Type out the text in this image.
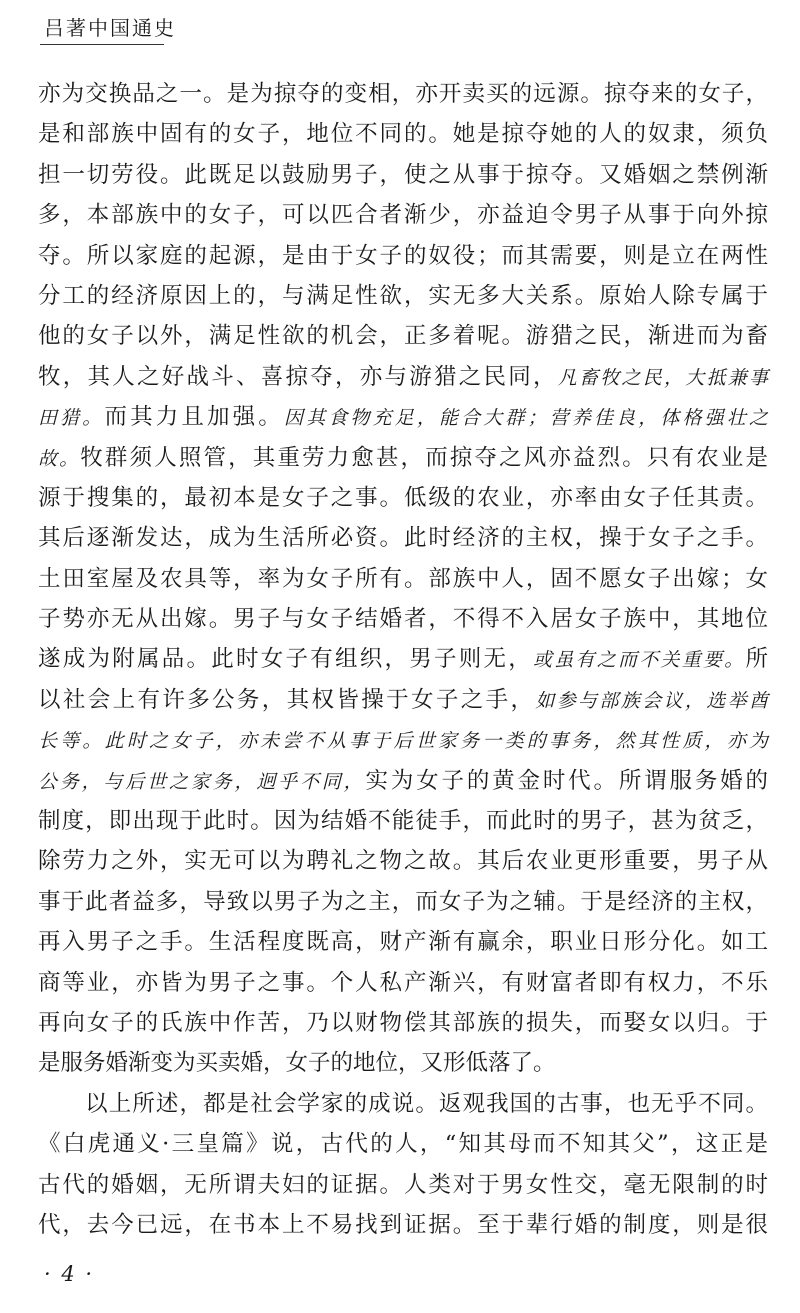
吕著中国通史
亦为交换品之一。是为掠夺的变相，亦开卖买的远源。掠夺来的女子，
是和部族中固有的女子，地位不同的。她是掠夺她的人的奴隶，须负
担一切劳役。此既足以鼓励男子，使之从事于掠夺。又婚姻之禁例渐
多，本部族中的女子，可以匹合者渐少，亦益迫令男子从事于向外掠
夺。所以家庭的起源，是由于女子的奴役；而其需要，则是立在两性
分工的经济原因上的，与满足性欲，实无多大关系。原始人除专属于
他的女子以外，满足性欲的机会，正多着呢。游猎之民，渐进而为畜
牧，其人之好战斗、喜掠夺，亦与游猎之民同，凡畜牧之民，大抵兼事
田猎。而其力且加强。因其食物充足，能合大群；营养佳良，体格强壮之
故。牧群须人照管，其重劳力愈甚，而掠夺之风亦益烈。只有农业是
源于搜集的，最初本是女子之事。低级的农业，亦率由女子任其责。
其后逐渐发达，成为生活所必资。此时经济的主权，操于女子之手。
土田室屋及农具等，率为女子所有。部族中人，固不愿女子出嫁；女
子势亦无从出嫁。男子与女子结婚者，不得不入居女子族中，其地位
遂成为附属品。此时女子有组织，男子则无，或虽有之而不关重要。所
以社会上有许多公务，其权皆操于女子之手，如参与部族会议，选举酋
长等。此时之女子，亦未尝不从事于后世家务一类的事务，然其性质，亦为
公务，与后世之家务，迥乎不同，实为女子的黄金时代。所谓服务婚的
制度，即出现于此时。因为结婚不能徒手，而此时的男子，甚为贫乏，
除劳力之外，实无可以为聘礼之物之故。其后农业更形重要，男子从
事于此者益多，导致以男子为之主，而女子为之辅。于是经济的主权，
再入男子之手。生活程度既高，财产渐有赢余，职业日形分化。如工
商等业，亦皆为男子之事。个人私产渐兴，有财富者即有权力，不乐
再向女子的氏族中作苦，乃以财物偿其部族的损失，而娶女以归。于
是服务婚渐变为买卖婚，女子的地位，又形低落了。
　　以上所述，都是社会学家的成说。返观我国的古事，也无乎不同。
《白虎通义·三皇篇》说，古代的人，“知其母而不知其父”，这正是
古代的婚姻，无所谓夫妇的证据。人类对于男女性交，毫无限制的时
代，去今已远，在书本上不易找到证据。至于辈行婚的制度，则是很
· 4 ·
